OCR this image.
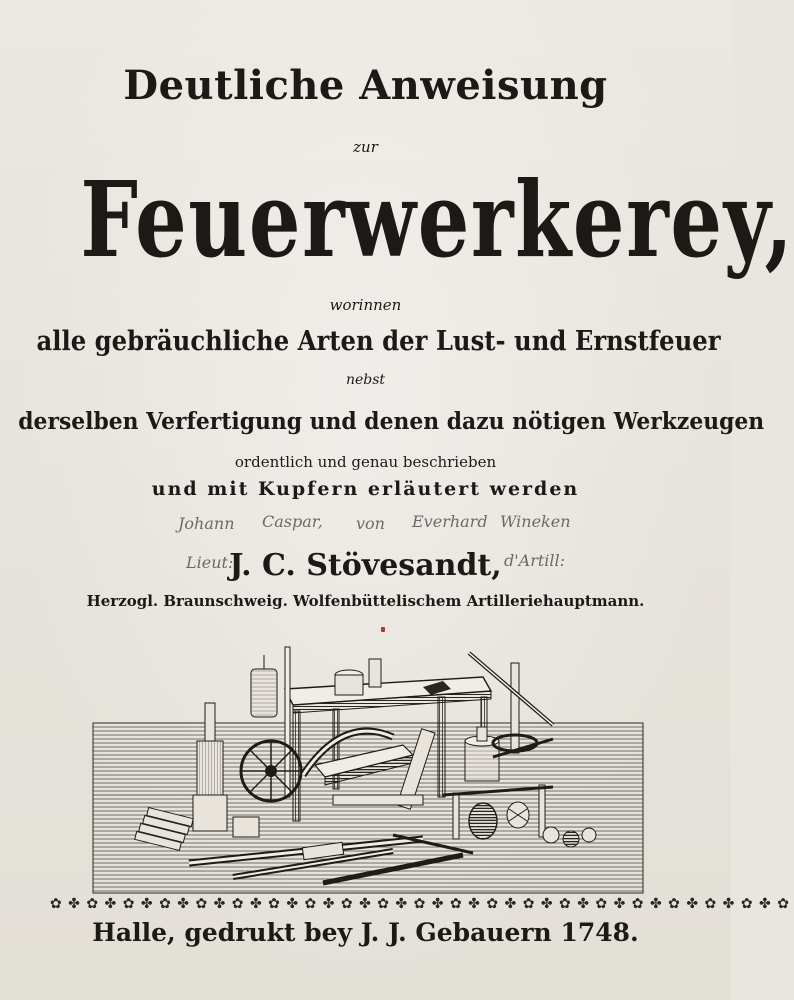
Deutliche Anweisung
zur
Feuerwerkerey,
worinnen
alle gebräuchliche Arten der Lust- und Ernstfeuer
nebst
derselben Verfertigung und denen dazu nötigen Werkzeugen
ordentlich und genau beschrieben
und mit Kupfern erläutert werden
Johann Caspar, von Everhard Wineken
Lieut:	d'Artill:
J. C. Stövesandt,
Herzogl. Braunschweig. Wolfenbüttelischem Artilleriehauptmann.
✿ ✤ ✿ ✤ ✿ ✤ ✿ ✤ ✿ ✤ ✿ ✤ ✿ ✤ ✿ ✤ ✿ ✤ ✿ ✤ ✿ ✤ ✿ ✤ ✿ ✤ ✿ ✤ ✿ ✤ ✿ ✤ ✿ ✤ ✿ ✤ ✿ ✤ ✿ ✤ ✿
Halle, gedrukt bey J. J. Gebauern 1748.
